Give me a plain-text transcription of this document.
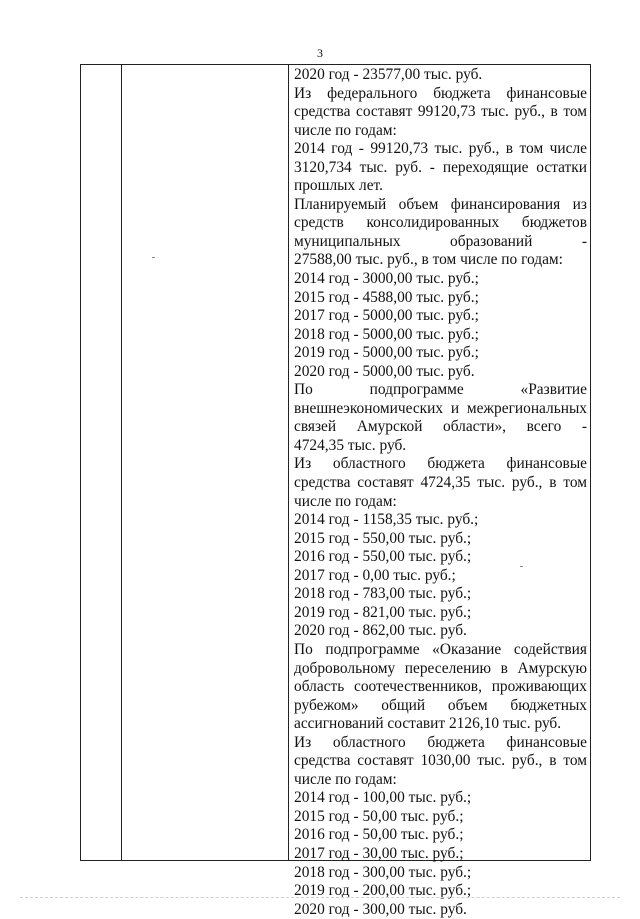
3
2020 год - 23577,00 тыс. руб.
Из федерального бюджета финансовые
средства составят 99120,73 тыс. руб., в том
числе по годам:
2014 год - 99120,73 тыс. руб., в том числе
3120,734 тыс. руб. - переходящие остатки
прошлых лет.
Планируемый объем финансирования из
средств консолидированных бюджетов
муниципальных образований -
27588,00 тыс. руб., в том числе по годам:
2014 год - 3000,00 тыс. руб.;
2015 год - 4588,00 тыс. руб.;
2017 год - 5000,00 тыс. руб.;
2018 год - 5000,00 тыс. руб.;
2019 год - 5000,00 тыс. руб.;
2020 год - 5000,00 тыс. руб.
По подпрограмме «Развитие
внешнеэкономических и межрегиональных
связей Амурской области», всего -
4724,35 тыс. руб.
Из областного бюджета финансовые
средства составят 4724,35 тыс. руб., в том
числе по годам:
2014 год - 1158,35 тыс. руб.;
2015 год - 550,00 тыс. руб.;
2016 год - 550,00 тыс. руб.;
2017 год - 0,00 тыс. руб.;
2018 год - 783,00 тыс. руб.;
2019 год - 821,00 тыс. руб.;
2020 год - 862,00 тыс. руб.
По подпрограмме «Оказание содействия
добровольному переселению в Амурскую
область соотечественников, проживающих
рубежом» общий объем бюджетных
ассигнований составит 2126,10 тыс. руб.
Из областного бюджета финансовые
средства составят 1030,00 тыс. руб., в том
числе по годам:
2014 год - 100,00 тыс. руб.;
2015 год - 50,00 тыс. руб.;
2016 год - 50,00 тыс. руб.;
2017 год - 30,00 тыс. руб.;
2018 год - 300,00 тыс. руб.;
2019 год - 200,00 тыс. руб.;
2020 год - 300,00 тыс. руб.
